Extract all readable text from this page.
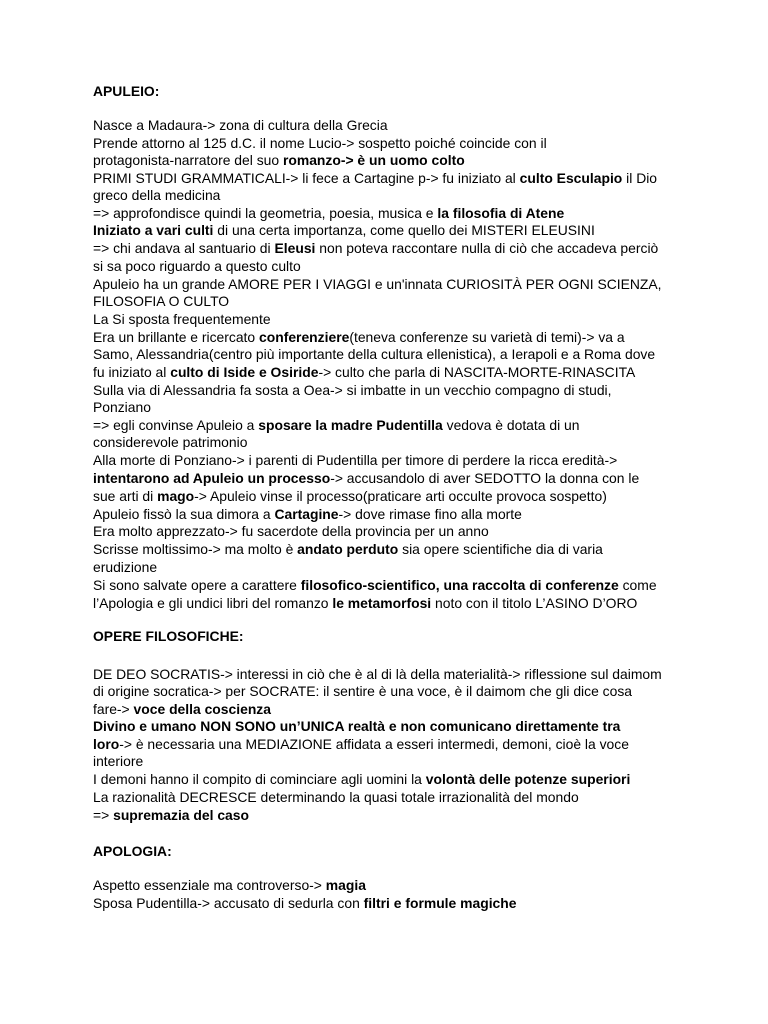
APULEIO:
Nasce a Madaura-> zona di cultura della Grecia
Prende attorno al 125 d.C. il nome Lucio-> sospetto poiché coincide con il
protagonista-narratore del suo romanzo-> è un uomo colto
PRIMI STUDI GRAMMATICALI-> li fece a Cartagine p-> fu iniziato al culto Esculapio il Dio
greco della medicina
=> approfondisce quindi la geometria, poesia, musica e la filosofia di Atene
Iniziato a vari culti di una certa importanza, come quello dei MISTERI ELEUSINI
=> chi andava al santuario di Eleusi non poteva raccontare nulla di ciò che accadeva perciò
si sa poco riguardo a questo culto
Apuleio ha un grande AMORE PER I VIAGGI e un'innata CURIOSITÀ PER OGNI SCIENZA,
FILOSOFIA O CULTO
La Si sposta frequentemente
Era un brillante e ricercato conferenziere(teneva conferenze su varietà di temi)-> va a
Samo, Alessandria(centro più importante della cultura ellenistica), a Ierapoli e a Roma dove
fu iniziato al culto di Iside e Osiride-> culto che parla di NASCITA-MORTE-RINASCITA
Sulla via di Alessandria fa sosta a Oea-> si imbatte in un vecchio compagno di studi,
Ponziano
=> egli convinse Apuleio a sposare la madre Pudentilla vedova è dotata di un
considerevole patrimonio
Alla morte di Ponziano-> i parenti di Pudentilla per timore di perdere la ricca eredità->
intentarono ad Apuleio un processo-> accusandolo di aver SEDOTTO la donna con le
sue arti di mago-> Apuleio vinse il processo(praticare arti occulte provoca sospetto)
Apuleio fissò la sua dimora a Cartagine-> dove rimase fino alla morte
Era molto apprezzato-> fu sacerdote della provincia per un anno
Scrisse moltissimo-> ma molto è andato perduto sia opere scientifiche dia di varia
erudizione
Si sono salvate opere a carattere filosofico-scientifico, una raccolta di conferenze come
l’Apologia e gli undici libri del romanzo le metamorfosi noto con il titolo L’ASINO D’ORO
OPERE FILOSOFICHE:
DE DEO SOCRATIS-> interessi in ciò che è al di là della materialità-> riflessione sul daimom
di origine socratica-> per SOCRATE: il sentire è una voce, è il daimom che gli dice cosa
fare-> voce della coscienza
Divino e umano NON SONO un’UNICA realtà e non comunicano direttamente tra
loro-> è necessaria una MEDIAZIONE affidata a esseri intermedi, demoni, cioè la voce
interiore
I demoni hanno il compito di cominciare agli uomini la volontà delle potenze superiori
La razionalità DECRESCE determinando la quasi totale irrazionalità del mondo
=> supremazia del caso
APOLOGIA:
Aspetto essenziale ma controverso-> magia
Sposa Pudentilla-> accusato di sedurla con filtri e formule magiche
